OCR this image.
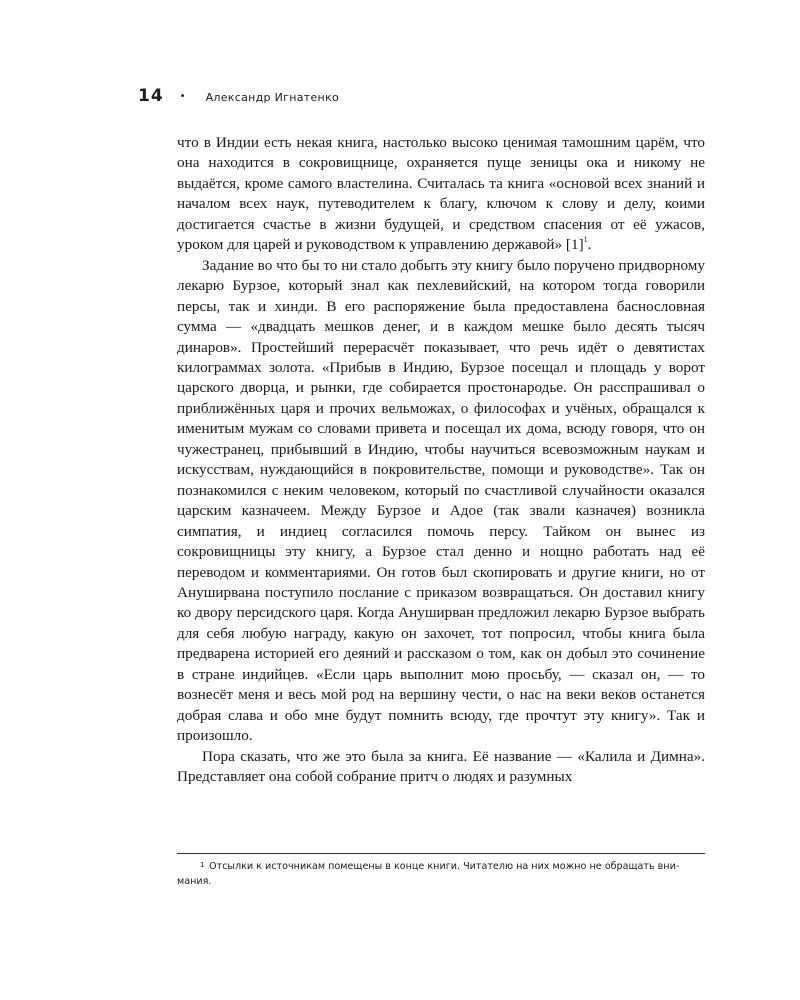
14 • Александр Игнатенко

что в Индии есть некая книга, настолько высоко ценимая тамошним царём, что она находится в сокровищнице, охраняется пуще зеницы ока и никому не выдаётся, кроме самого властелина. Считалась та книга «основой всех знаний и началом всех наук, путеводителем к благу, ключом к слову и делу, коими достигается счастье в жизни будущей, и средством спасения от её ужасов, уроком для царей и руководством к управлению державой» $[1]^1$.

Задание во что бы то ни стало добыть эту книгу было поручено придворному лекарю Бурзое, который знал как пехлевийский, на котором тогда говорили персы, так и хинди. В его распоряжение была предоставлена баснословная сумма — «двадцать мешков денег, и в каждом мешке было десять тысяч динаров». Простейший перерасчёт показывает, что речь идёт о девятистах килограммах золота. «Прибыв в Индию, Бурзое посещал и площадь у ворот царского дворца, и рынки, где собирается простонародье. Он расспрашивал о приближённых царя и прочих вельможах, о философах и учёных, обращался к именитым мужам со словами привета и посещал их дома, всюду говоря, что он чужестранец, прибывший в Индию, чтобы научиться всевозможным наукам и искусствам, нуждающийся в покровительстве, помощи и руководстве». Так он познакомился с неким человеком, который по счастливой случайности оказался царским казначеем. Между Бурзое и Адое (так звали казначея) возникла симпатия, и индиец согласился помочь персу. Тайком он вынес из сокровищницы эту книгу, а Бурзое стал денно и нощно работать над её переводом и комментариями. Он готов был скопировать и другие книги, но от Ануширвана поступило послание с приказом возвращаться. Он доставил книгу ко двору персидского царя. Когда Ануширван предложил лекарю Бурзое выбрать для себя любую награду, какую он захочет, тот попросил, чтобы книга была предварена историей его деяний и рассказом о том, как он добыл это сочинение в стране индийцев. «Если царь выполнит мою просьбу, — сказал он, — то вознесёт меня и весь мой род на вершину чести, о нас на веки веков останется добрая слава и обо мне будут помнить всюду, где прочтут эту книгу». Так и произошло.

Пора сказать, что же это была за книга. Её название — «Калила и Димна». Представляет она собой собрание притч о людях и разумных

1 Отсылки к источникам помещены в конце книги. Читателю на них можно не обращать вни-
мания.
